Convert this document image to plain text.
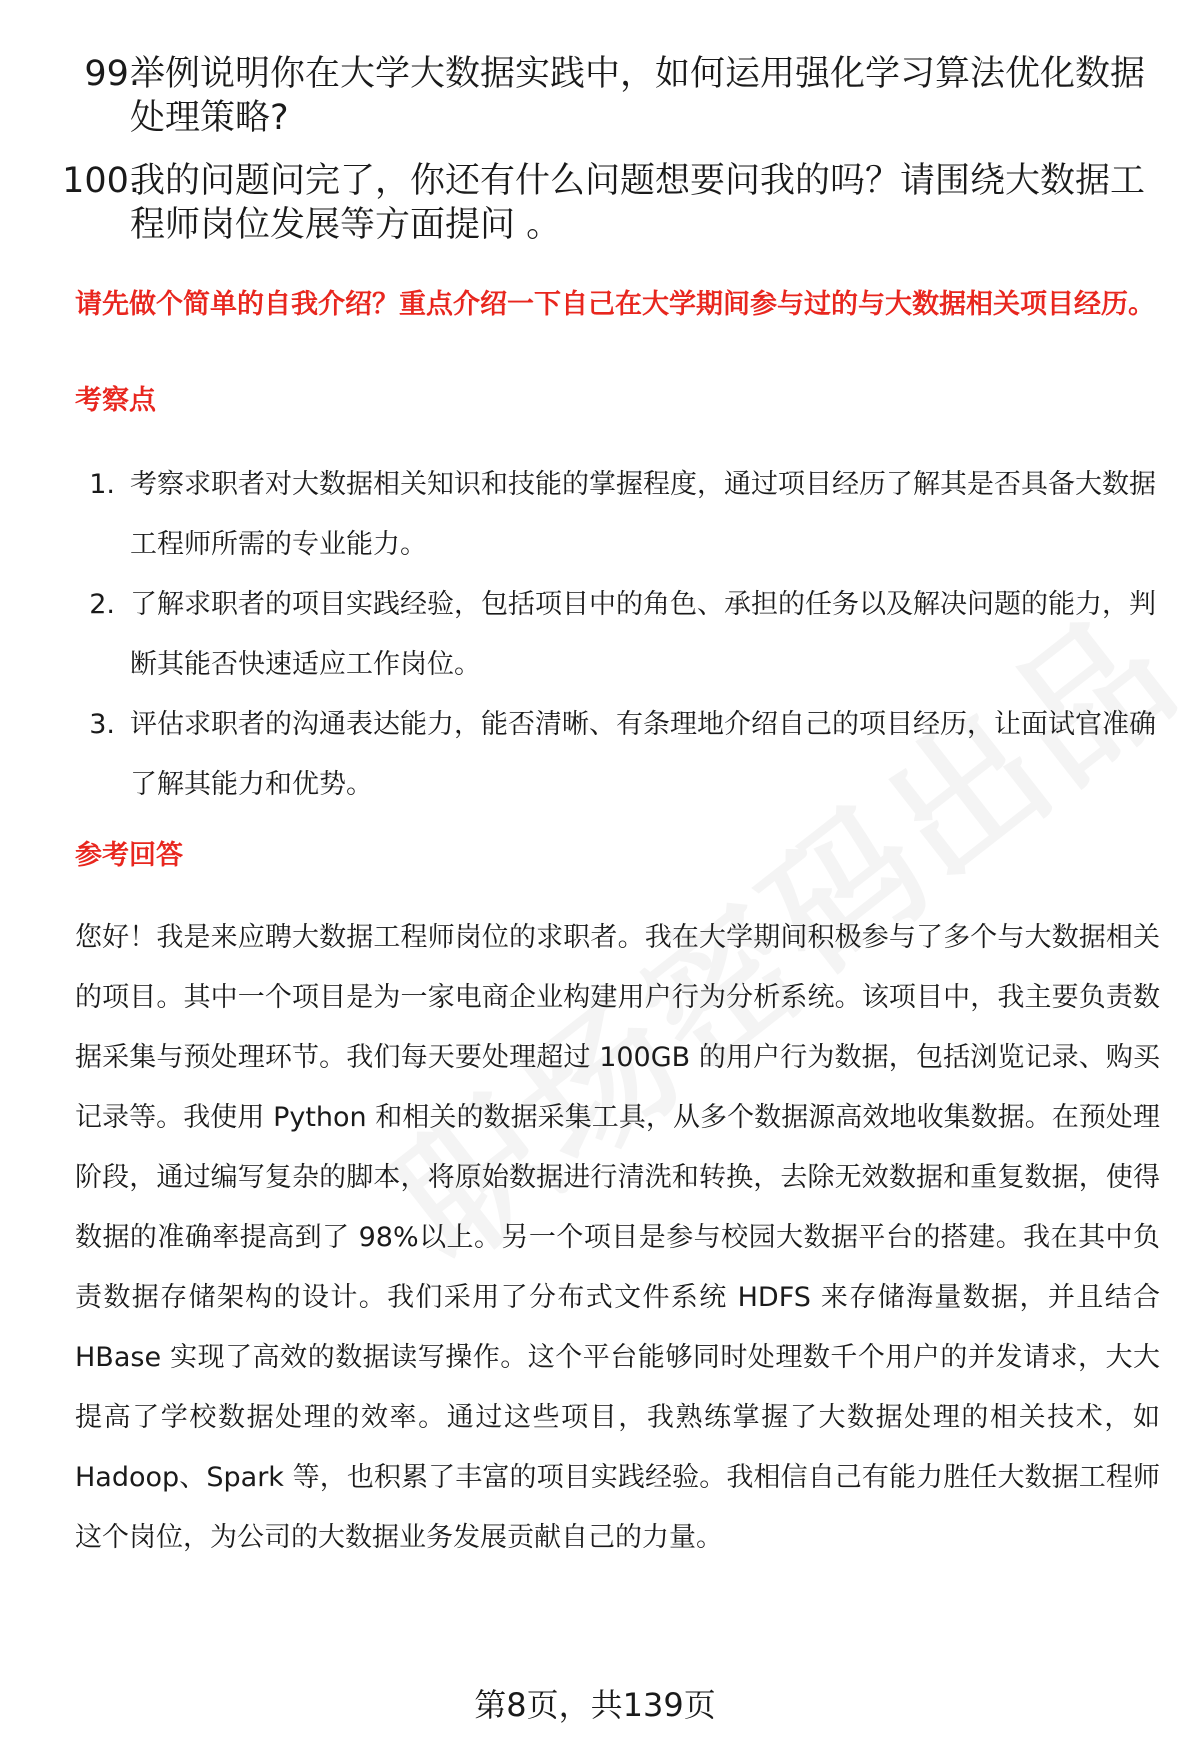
99.
举例说明你在大学大数据实践中，如何运用强化学习算法优化数据处理策略?
100.
我的问题问完了，你还有什么问题想要问我的吗？请围绕大数据工程师岗位发展等方面提问 。
请先做个简单的自我介绍？重点介绍一下自己在大学期间参与过的与大数据相关项目经历。
考察点
1. 考察求职者对大数据相关知识和技能的掌握程度，通过项目经历了解其是否具备大数据工程师所需的专业能力。
2. 了解求职者的项目实践经验，包括项目中的角色、承担的任务以及解决问题的能力，判断其能否快速适应工作岗位。
3. 评估求职者的沟通表达能力，能否清晰、有条理地介绍自己的项目经历，让面试官准确了解其能力和优势。
参考回答
您好！我是来应聘大数据工程师岗位的求职者。我在大学期间积极参与了多个与大数据相关的项目。其中一个项目是为一家电商企业构建用户行为分析系统。该项目中，我主要负责数据采集与预处理环节。我们每天要处理超过 100GB 的用户行为数据，包括浏览记录、购买记录等。我使用 Python 和相关的数据采集工具，从多个数据源高效地收集数据。在预处理阶段，通过编写复杂的脚本，将原始数据进行清洗和转换，去除无效数据和重复数据，使得数据的准确率提高到了 98%以上。另一个项目是参与校园大数据平台的搭建。我在其中负责数据存储架构的设计。我们采用了分布式文件系统 HDFS 来存储海量数据，并且结合 HBase 实现了高效的数据读写操作。这个平台能够同时处理数千个用户的并发请求，大大提高了学校数据处理的效率。通过这些项目，我熟练掌握了大数据处理的相关技术，如 Hadoop、Spark 等，也积累了丰富的项目实践经验。我相信自己有能力胜任大数据工程师这个岗位，为公司的大数据业务发展贡献自己的力量。
第8页，共139页
